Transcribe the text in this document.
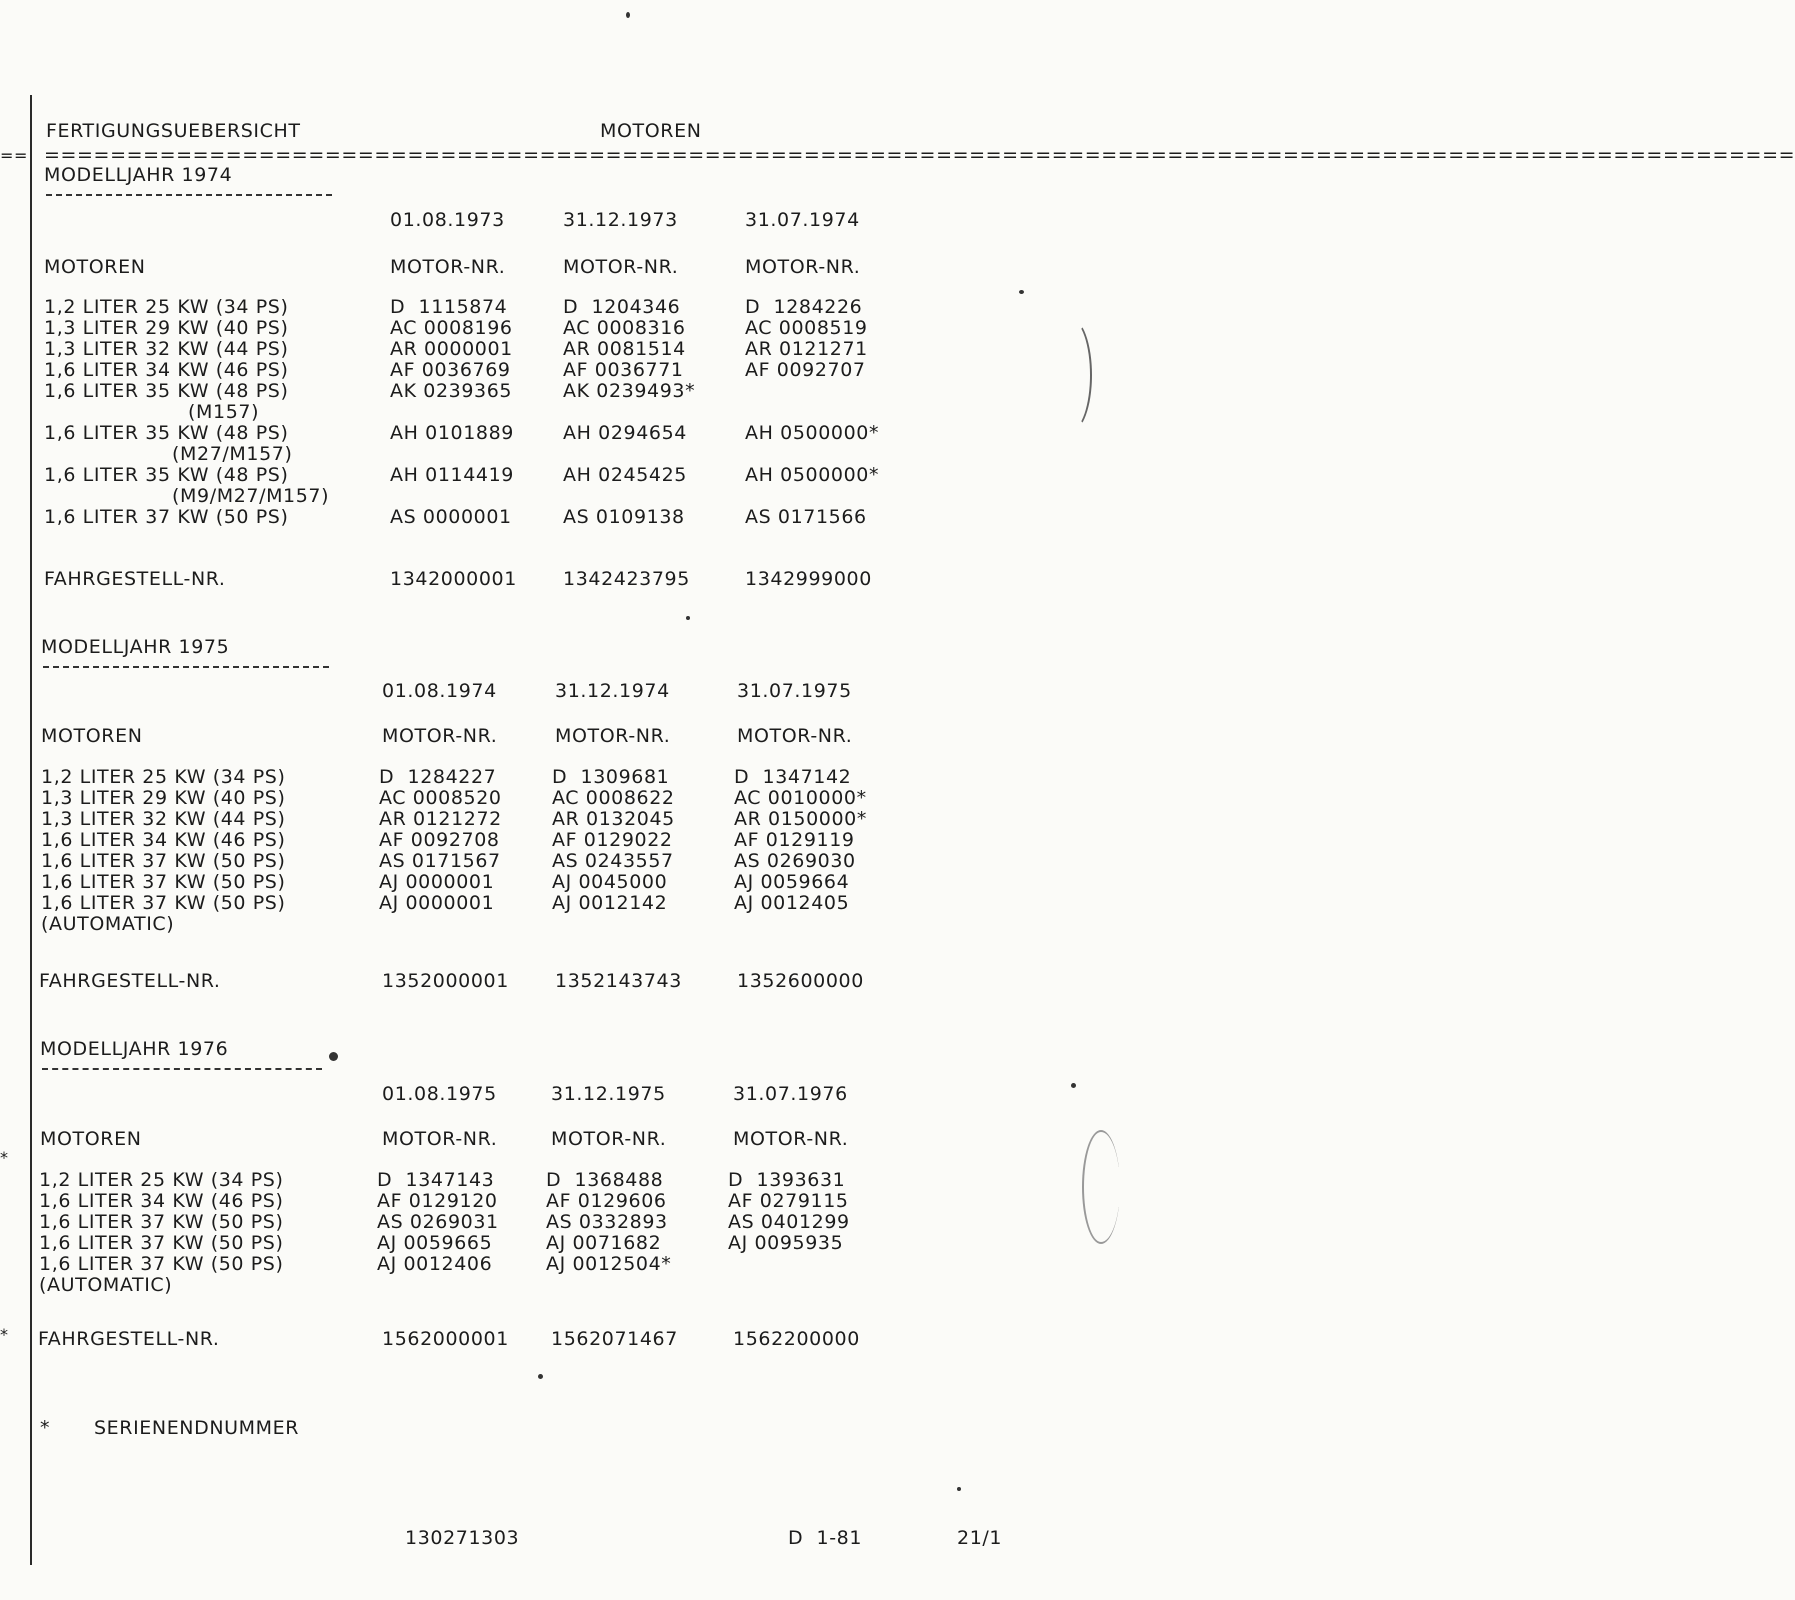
==
*
*
FERTIGUNGSUEBERSICHT	MOTOREN
==========================================================================================================
MODELLJAHR 1974
01.08.1973	31.12.1973	31.07.1974
MOTOREN	MOTOR-NR.	MOTOR-NR.	MOTOR-NR.
1,2 LITER 25 KW (34 PS)	D  1115874	D  1204346	D  1284226
1,3 LITER 29 KW (40 PS)	AC 0008196	AC 0008316	AC 0008519
1,3 LITER 32 KW (44 PS)	AR 0000001	AR 0081514	AR 0121271
1,6 LITER 34 KW (46 PS)	AF 0036769	AF 0036771	AF 0092707
1,6 LITER 35 KW (48 PS)	AK 0239365	AK 0239493*
(M157)
1,6 LITER 35 KW (48 PS)	AH 0101889	AH 0294654	AH 0500000*
(M27/M157)
1,6 LITER 35 KW (48 PS)	AH 0114419	AH 0245425	AH 0500000*
(M9/M27/M157)
1,6 LITER 37 KW (50 PS)	AS 0000001	AS 0109138	AS 0171566
FAHRGESTELL-NR.	1342000001 1342423795	1342999000
MODELLJAHR 1975
01.08.1974	31.12.1974	31.07.1975
MOTOREN	MOTOR-NR.	MOTOR-NR.	MOTOR-NR.
1,2 LITER 25 KW (34 PS)	D  1284227	D  1309681	D  1347142
1,3 LITER 29 KW (40 PS)	AC 0008520	AC 0008622	AC 0010000*
1,3 LITER 32 KW (44 PS)	AR 0121272	AR 0132045	AR 0150000*
1,6 LITER 34 KW (46 PS)	AF 0092708	AF 0129022	AF 0129119
1,6 LITER 37 KW (50 PS)	AS 0171567	AS 0243557	AS 0269030
1,6 LITER 37 KW (50 PS)	AJ 0000001	AJ 0045000	AJ 0059664
1,6 LITER 37 KW (50 PS)	AJ 0000001	AJ 0012142	AJ 0012405
(AUTOMATIC)
FAHRGESTELL-NR.	1352000001 1352143743	1352600000
MODELLJAHR 1976
01.08.1975	31.12.1975	31.07.1976
MOTOREN	MOTOR-NR.	MOTOR-NR.	MOTOR-NR.
1,2 LITER 25 KW (34 PS)	D  1347143	D  1368488	D  1393631
1,6 LITER 34 KW (46 PS)	AF 0129120	AF 0129606	AF 0279115
1,6 LITER 37 KW (50 PS)	AS 0269031 AS 0332893	AS 0401299
1,6 LITER 37 KW (50 PS)	AJ 0059665	AJ 0071682	AJ 0095935
1,6 LITER 37 KW (50 PS)	AJ 0012406	AJ 0012504*
(AUTOMATIC)
FAHRGESTELL-NR.	1562000001 1562071467	1562200000
* SERIENENDNUMMER
130271303	D  1-81	21/1
